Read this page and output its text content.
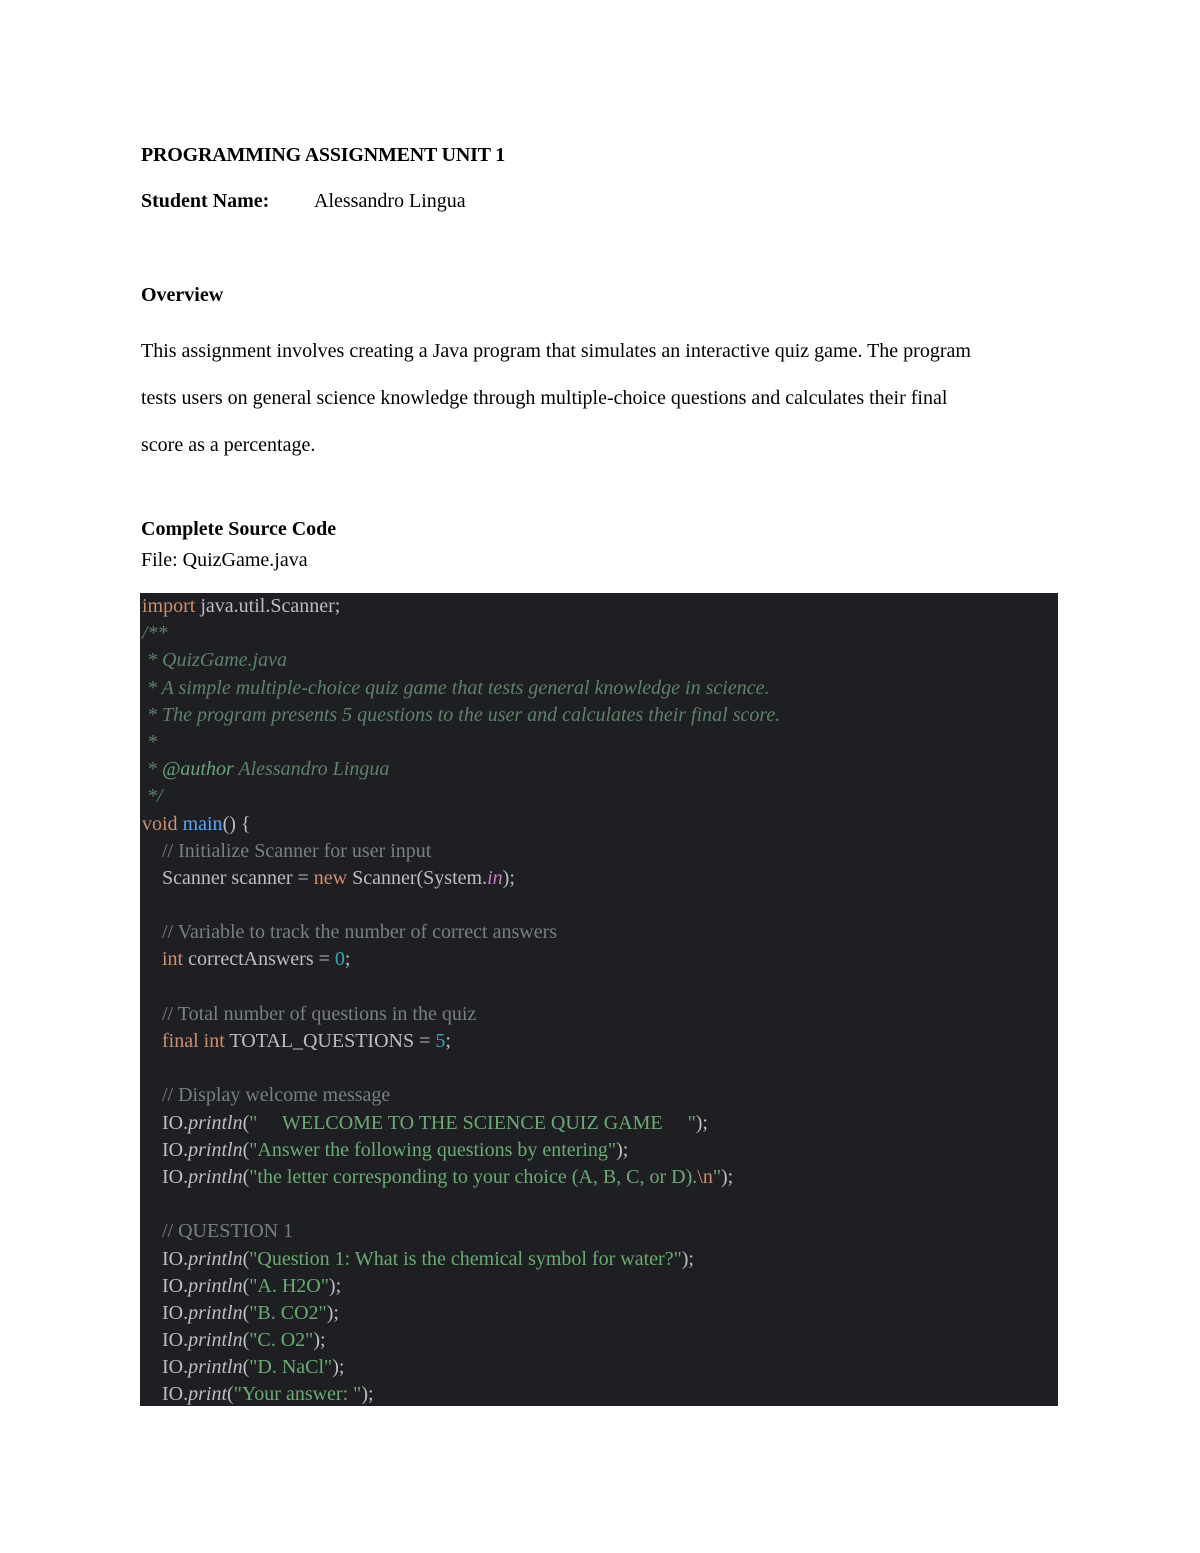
PROGRAMMING ASSIGNMENT UNIT 1
Student Name: Alessandro Lingua
Overview

This assignment involves creating a Java program that simulates an interactive quiz game. The program tests users on general science knowledge through multiple-choice questions and calculates their final score as a percentage.

Complete Source Code
File: QuizGame.java
import java.util.Scanner;
/**
* QuizGame.java
* A simple multiple-choice quiz game that tests general knowledge in science.
* The program presents 5 questions to the user and calculates their final score.
*
* @author Alessandro Lingua
*/
void main() {
// Initialize Scanner for user input
Scanner scanner = new Scanner(System.in);
// Variable to track the number of correct answers
int correctAnswers = 0;
// Total number of questions in the quiz
final int TOTAL_QUESTIONS = 5;
// Display welcome message
IO.println("     WELCOME TO THE SCIENCE QUIZ GAME     ");
IO.println("Answer the following questions by entering");
IO.println("the letter corresponding to your choice (A, B, C, or D).\n");
// QUESTION 1
IO.println("Question 1: What is the chemical symbol for water?");
IO.println("A. H2O");
IO.println("B. CO2");
IO.println("C. O2");
IO.println("D. NaCl");
IO.print("Your answer: ");
